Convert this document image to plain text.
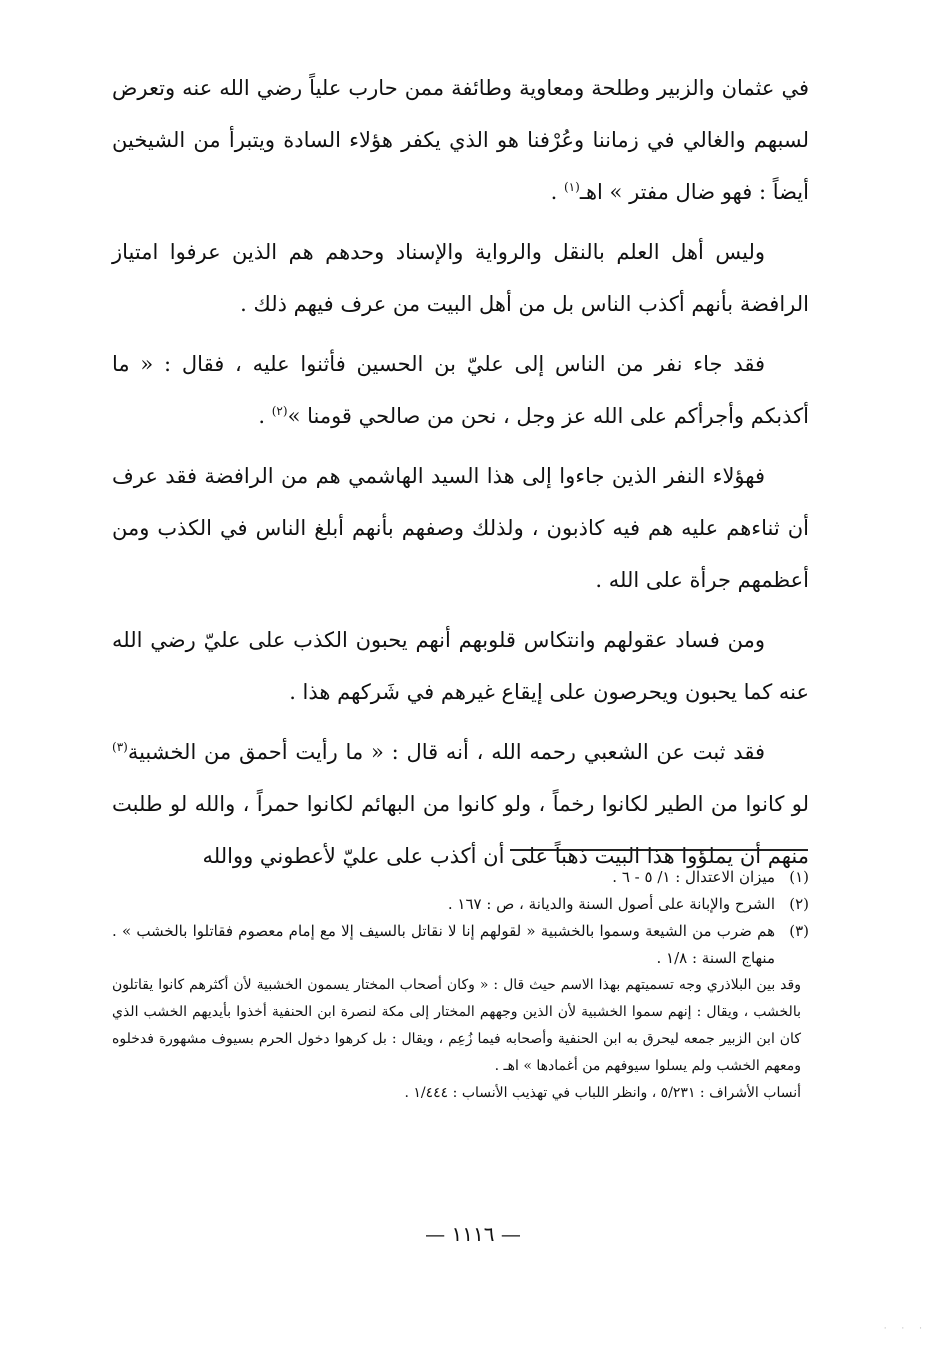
في عثمان والزبير وطلحة ومعاوية وطائفة ممن حارب علياً رضي الله عنه وتعرض لسبهم والغالي في زماننا وعُرْفنا هو الذي يكفر هؤلاء السادة ويتبرأ من الشيخين أيضاً : فهو ضال مفتر » اهـ$^{(١)}$ .

وليس أهل العلم بالنقل والرواية والإسناد وحدهم هم الذين عرفوا امتياز الرافضة بأنهم أكذب الناس بل من أهل البيت من عرف فيهم ذلك .

فقد جاء نفر من الناس إلى عليّ بن الحسين فأثنوا عليه ، فقال : « ما أكذبكم وأجرأكم على الله عز وجل ، نحن من صالحي قومنا »$^{(٢)}$ .

فهؤلاء النفر الذين جاءوا إلى هذا السيد الهاشمي هم من الرافضة فقد عرف أن ثناءهم عليه هم فيه كاذبون ، ولذلك وصفهم بأنهم أبلغ الناس في الكذب ومن أعظمهم جرأة على الله .

ومن فساد عقولهم وانتكاس قلوبهم أنهم يحبون الكذب على عليّ رضي الله عنه كما يحبون ويحرصون على إيقاع غيرهم في شَركهم هذا .

فقد ثبت عن الشعبي رحمه الله ، أنه قال : « ما رأيت أحمق من الخشبية$^{(٣)}$ لو كانوا من الطير لكانوا رخماً ، ولو كانوا من البهائم لكانوا حمراً ، والله لو طلبت منهم أن يملؤوا هذا البيت ذهباً على أن أكذب على عليّ لأعطوني ووالله

(١)
ميزان الاعتدال : ١/ ٥ - ٦ .
(٢)
الشرح والإبانة على أصول السنة والديانة ، ص : ١٦٧ .
(٣)
هم ضرب من الشيعة وسموا بالخشبية « لقولهم إنا لا نقاتل بالسيف إلا مع إمام معصوم فقاتلوا بالخشب » . منهاج السنة : ١/٨ .
وقد بين البلاذري وجه تسميتهم بهذا الاسم حيث قال : « وكان أصحاب المختار يسمون الخشبية لأن أكثرهم كانوا يقاتلون بالخشب ، ويقال : إنهم سموا الخشبية لأن الذين وجههم المختار إلى مكة لنصرة ابن الحنفية أخذوا بأيديهم الخشب الذي كان ابن الزبير جمعه ليحرق به ابن الحنفية وأصحابه فيما زُعِم ، ويقال : بل كرهوا دخول الحرم بسيوف مشهورة فدخلوه ومعهم الخشب ولم يسلوا سيوفهم من أغمادها » اهـ .
أنساب الأشراف : ٥/٢٣١ ، وانظر اللباب في تهذيب الأنساب : ١/٤٤٤ .
— ١١١٦ —
· · ·
